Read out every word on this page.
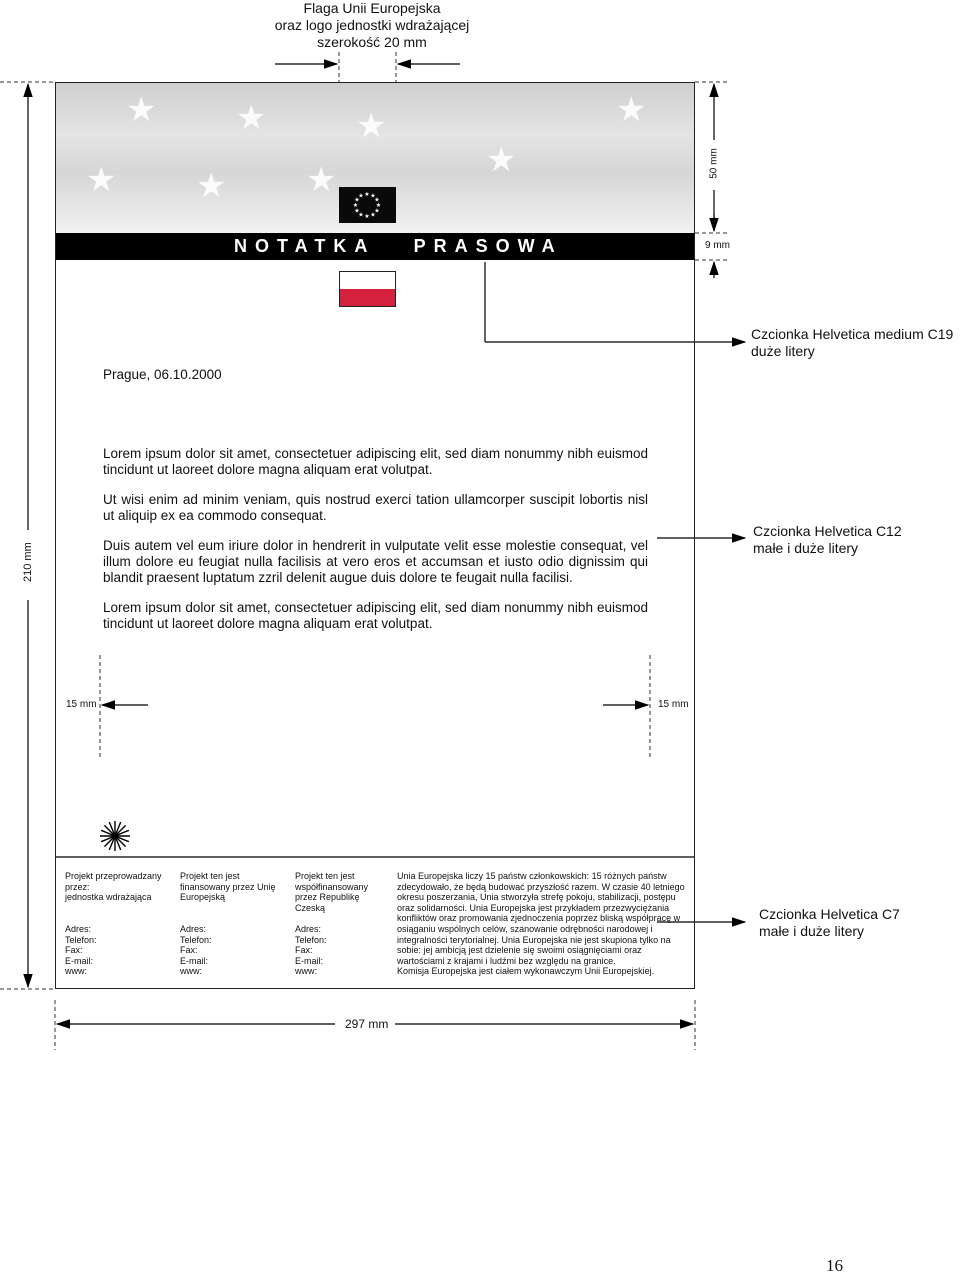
Flaga Unii Europejska
oraz logo jednostki wdrażającej
szerokość 20 mm
★ ★	★
★
★ ★ ★
★
★ ★
★
★
★
★
★
★
★
★
★
★
NOTATKA   PRASOWA
50 mm
9 mm
Czcionka Helvetica medium C19
duże litery
Czcionka Helvetica C12
małe i duże litery
Czcionka Helvetica C7
małe i duże litery
210 mm
Prague, 06.10.2000
Lorem ipsum dolor sit amet, consectetuer adipiscing elit, sed diam nonummy nibh euismod tincidunt ut laoreet dolore magna aliquam erat volutpat.
Ut wisi enim ad minim veniam, quis nostrud exerci tation ullamcorper suscipit lobortis nisl ut aliquip ex ea commodo consequat.
Duis autem vel eum iriure dolor in hendrerit in vulputate velit esse molestie consequat, vel illum dolore eu feugiat nulla facilisis at vero eros et accumsan et iusto odio dignissim qui blandit praesent luptatum zzril delenit augue duis dolore te feugait nulla facilisi.
Lorem ipsum dolor sit amet, consectetuer adipiscing elit, sed diam nonummy nibh euismod tincidunt ut laoreet dolore magna aliquam erat volutpat.
15 mm	15 mm
Projekt przeprowadzany
przez:
jednostka wdrażająca
Adres:
Telefon:
Fax:
E-mail:
www:
Projekt ten jest
finansowany przez Unię
Europejską
Adres:
Telefon:
Fax:
E-mail:
www:
Projekt ten jest
współfinansowany
przez Republikę
Czeską
Adres:
Telefon:
Fax:
E-mail:
www:
Unia Europejska liczy 15 państw członkowskich: 15 różnych państw
zdecydowało, że będą budować przyszłość razem. W czasie 40 letniego
okresu poszerzania, Unia stworzyła strefę pokoju, stabilizacji, postępu
oraz solidarności. Unia Europejska jest przykładem przezwyciężania
konfliktów oraz promowania zjednoczenia poprzez bliską współpracę w
osiąganiu wspólnych celów, szanowanie odrębności narodowej i
integralności terytorialnej. Unia Europejska nie jest skupiona tylko na
sobie: jej ambicją jest dzielenie się swoimi osiągnięciami oraz
wartościami z krajami i ludźmi bez względu na granice.
Komisja Europejska jest ciałem wykonawczym Unii Europejskiej.
297 mm
16
